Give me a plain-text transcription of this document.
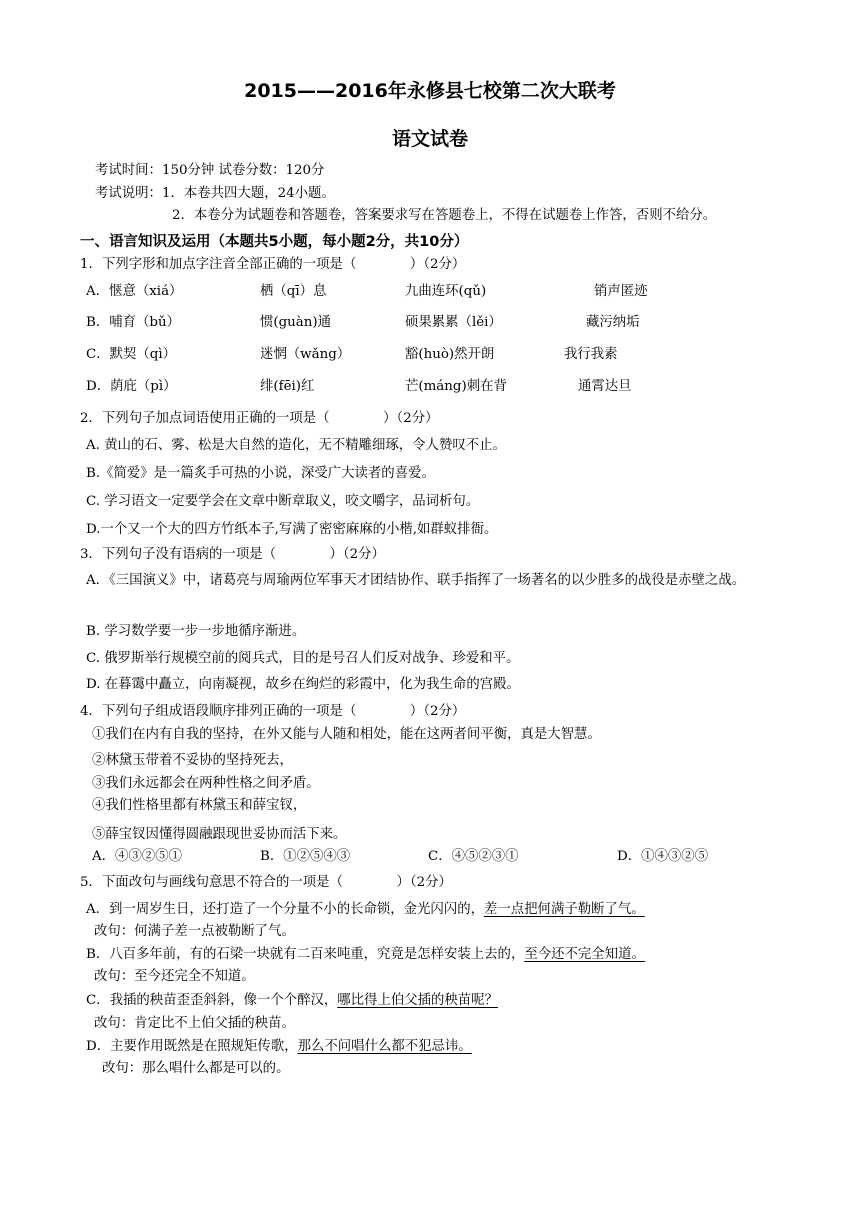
2015——2016年永修县七校第二次大联考
语文试卷
考试时间：150分钟 试卷分数：120分
考试说明：1．本卷共四大题，24小题。
2．本卷分为试题卷和答题卷，答案要求写在答题卷上，不得在试题卷上作答，否则不给分。
一、语言知识及运用（本题共5小题，每小题2分，共10分）
1．下列字形和加点字注音全部正确的一项是（　　　　）（2分）
A．惬意（xiá）	栖（qī）息	九曲连环(qǔ)	销声匿迹
B．哺育（bǔ）	惯(guàn)通	硕果累累（lěi）	藏污纳垢
C．默契（qì）	迷惘（wǎng）	豁(huò)然开朗	我行我素
D．荫庇（pì）	绯(fēi)红	芒(máng)刺在背	通霄达旦
2．下列句子加点词语使用正确的一项是（　　　　）（2分）
A. 黄山的石、雾、松是大自然的造化，无不精雕细琢，令人赞叹不止。
B.《简爱》是一篇炙手可热的小说，深受广大读者的喜爱。
C. 学习语文一定要学会在文章中断章取义，咬文嚼字，品词析句。
D.一个又一个大的四方竹纸本子,写满了密密麻麻的小楷,如群蚁排衙。
3．下列句子没有语病的一项是（　　　　）（2分）
A．《三国演义》中，诸葛亮与周瑜两位军事天才团结协作、联手指挥了一场著名的以少胜多的战役是赤壁之战。
B. 学习数学要一步一步地循序渐进。
C. 俄罗斯举行规模空前的阅兵式，目的是号召人们反对战争、珍爱和平。
D. 在暮霭中矗立，向南凝视，故乡在绚烂的彩霞中，化为我生命的宫殿。
4．下列句子组成语段顺序排列正确的一项是（　　　　）（2分）
①我们在内有自我的坚持，在外又能与人随和相处，能在这两者间平衡，真是大智慧。
②林黛玉带着不妥协的坚持死去，
③我们永远都会在两种性格之间矛盾。
④我们性格里都有林黛玉和薛宝钗，
⑤薛宝钗因懂得圆融跟现世妥协而活下来。
A．④③②⑤①	B．①②⑤④③	C．④⑤②③①	D．①④③②⑤
5．下面改句与画线句意思不符合的一项是（　　　　）（2分）
A．到一周岁生日，还打造了一个分量不小的长命锁，金光闪闪的，差一点把何满子勒断了气。
改句：何满子差一点被勒断了气。
B．八百多年前，有的石梁一块就有二百来吨重，究竟是怎样安装上去的，至今还不完全知道。
改句：至今还完全不知道。
C．我插的秧苗歪歪斜斜，像一个个醉汉，哪比得上伯父插的秧苗呢？
改句：肯定比不上伯父插的秧苗。
D．主要作用既然是在照规矩传歌，那么不问唱什么都不犯忌讳。
改句：那么唱什么都是可以的。
